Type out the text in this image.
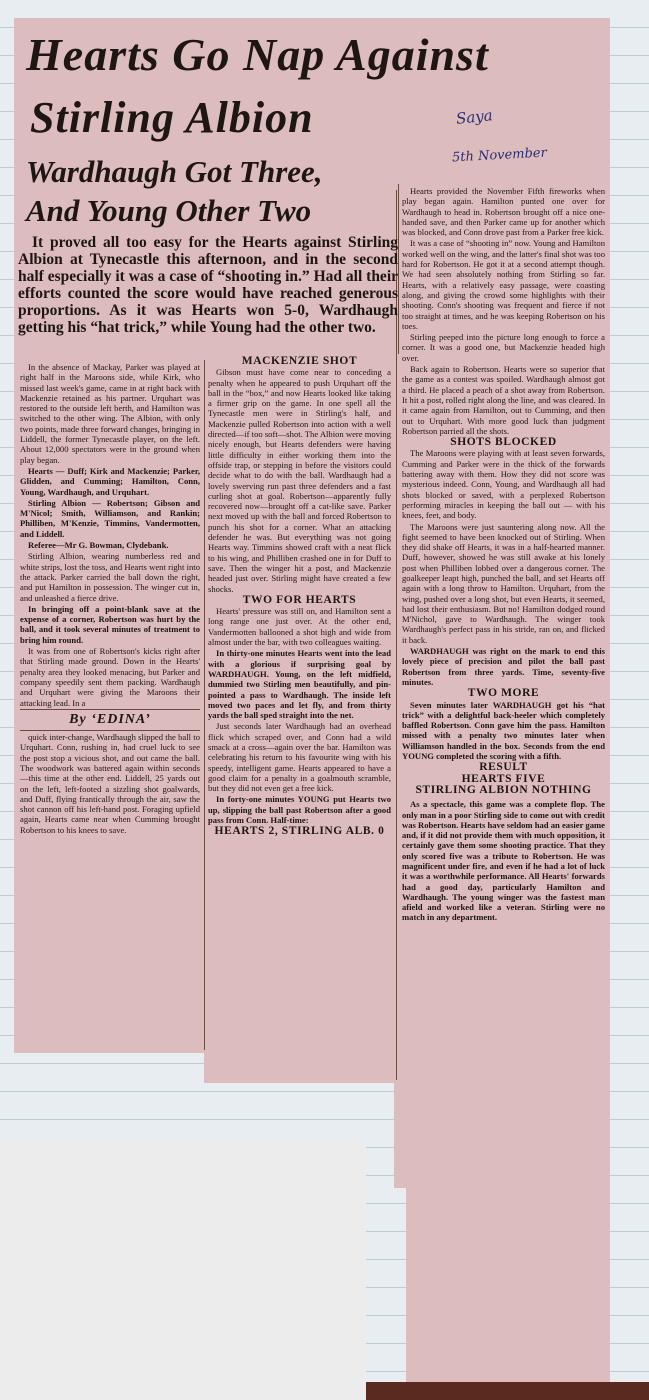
Hearts Go Nap Against
Stirling Albion
Wardhaugh Got Three,
And Young Other Two
Saya
5th November
It proved all too easy for the Hearts against Stirling Albion at Tynecastle this afternoon, and in the second half especially it was a case of “shooting in.” Had all their efforts counted the score would have reached generous proportions. As it was Hearts won 5-0, Wardhaugh getting his “hat trick,” while Young had the other two.

In the absence of Mackay, Parker was played at right half in the Maroons side, while Kirk, who missed last week's game, came in at right back with Mackenzie retained as his partner. Urquhart was restored to the outside left berth, and Hamilton was switched to the other wing. The Albion, with only two points, made three forward changes, bringing in Liddell, the former Tynecastle player, on the left. About 12,000 spectators were in the ground when play began.

Hearts — Duff; Kirk and Mackenzie; Parker, Glidden, and Cumming; Hamilton, Conn, Young, Wardhaugh, and Urquhart.

Stirling Albion — Robertson; Gibson and M'Nicol; Smith, Williamson, and Rankin; Philliben, M'Kenzie, Timmins, Vandermotten, and Liddell.

Referee—Mr G. Bowman, Clydebank.

Stirling Albion, wearing numberless red and white strips, lost the toss, and Hearts went right into the attack. Parker carried the ball down the right, and put Hamilton in possession. The winger cut in, and unleashed a fierce drive.

In bringing off a point-blank save at the expense of a corner, Robertson was hurt by the ball, and it took several minutes of treatment to bring him round.

It was from one of Robertson's kicks right after that Stirling made ground. Down in the Hearts' penalty area they looked menacing, but Parker and company speedily sent them packing. Wardhaugh and Urquhart were giving the Maroons their attacking lead. In a

By ‘EDINA’

quick inter-change, Wardhaugh slipped the ball to Urquhart. Conn, rushing in, had cruel luck to see the post stop a vicious shot, and out came the ball. The woodwork was battered again within seconds—this time at the other end. Liddell, 25 yards out on the left, left-footed a sizzling shot goalwards, and Duff, flying frantically through the air, saw the shot cannon off his left-hand post. Foraging upfield again, Hearts came near when Cumming brought Robertson to his knees to save.

MACKENZIE SHOT

Gibson must have come near to conceding a penalty when he appeared to push Urquhart off the ball in the “box,” and now Hearts looked like taking a firmer grip on the game. In one spell all the Tynecastle men were in Stirling's half, and Mackenzie pulled Robertson into action with a well directed—if too soft—shot. The Albion were moving nicely enough, but Hearts defenders were having little difficulty in either working them into the offside trap, or stepping in before the visitors could decide what to do with the ball. Wardhaugh had a lovely swerving run past three defenders and a fast curling shot at goal. Robertson—apparently fully recovered now—brought off a cat-like save. Parker next moved up with the ball and forced Robertson to punch his shot for a corner. What an attacking defender he was. But everything was not going Hearts way. Timmins showed craft with a neat flick to his wing, and Philliben crashed one in for Duff to save. Then the winger hit a post, and Mackenzie headed just over. Stirling might have created a few shocks.

TWO FOR HEARTS

Hearts' pressure was still on, and Hamilton sent a long range one just over. At the other end, Vandermotten ballooned a shot high and wide from almost under the bar, with two colleagues waiting.

In thirty-one minutes Hearts went into the lead with a glorious if surprising goal by WARDHAUGH. Young, on the left midfield, dummied two Stirling men beautifully, and pin-pointed a pass to Wardhaugh. The inside left moved two paces and let fly, and from thirty yards the ball sped straight into the net.

Just seconds later Wardhaugh had an overhead flick which scraped over, and Conn had a wild smack at a cross—again over the bar. Hamilton was celebrating his return to his favourite wing with his speedy, intelligent game. Hearts appeared to have a good claim for a penalty in a goalmouth scramble, but they did not even get a free kick.

In forty-one minutes YOUNG put Hearts two up, slipping the ball past Robertson after a good pass from Conn. Half-time:

HEARTS 2, STIRLING ALB. 0

Hearts provided the November Fifth fireworks when play began again. Hamilton punted one over for Wardhaugh to head in. Robertson brought off a nice one-handed save, and then Parker came up for another which was blocked, and Conn drove past from a Parker free kick.

It was a case of “shooting in” now. Young and Hamilton worked well on the wing, and the latter's final shot was too hard for Robertson. He got it at a second attempt though. We had seen absolutely nothing from Stirling so far. Hearts, with a relatively easy passage, were coasting along, and giving the crowd some highlights with their shooting. Conn's shooting was frequent and fierce if not too straight at times, and he was keeping Robertson on his toes.

Stirling peeped into the picture long enough to force a corner. It was a good one, but Mackenzie headed high over.

Back again to Robertson. Hearts were so superior that the game as a contest was spoiled. Wardhaugh almost got a third. He placed a peach of a shot away from Robertson. It hit a post, rolled right along the line, and was cleared. In it came again from Hamilton, out to Cumming, and then out to Urquhart. With more good luck than judgment Robertson parried all the shots.

SHOTS BLOCKED

The Maroons were playing with at least seven forwards, Cumming and Parker were in the thick of the forwards battering away with them. How they did not score was mysterious indeed. Conn, Young, and Wardhaugh all had shots blocked or saved, with a perplexed Robertson performing miracles in keeping the ball out — with his knees, feet, and body.

The Maroons were just sauntering along now. All the fight seemed to have been knocked out of Stirling. When they did shake off Hearts, it was in a half-hearted manner. Duff, however, showed he was still awake at his lonely post when Philliben lobbed over a dangerous corner. The goalkeeper leapt high, punched the ball, and set Hearts off again with a long throw to Hamilton. Urquhart, from the wing, pushed over a long shot, but even Hearts, it seemed, had lost their enthusiasm. But no! Hamilton dodged round M'Nichol, gave to Wardhaugh. The winger took Wardhaugh's perfect pass in his stride, ran on, and flicked it back.

WARDHAUGH was right on the mark to end this lovely piece of precision and pilot the ball past Robertson from three yards. Time, seventy-five minutes.

TWO MORE

Seven minutes later WARDHAUGH got his “hat trick” with a delightful back-heeler which completely baffled Robertson. Conn gave him the pass. Hamilton missed with a penalty two minutes later when Williamson handled in the box. Seconds from the end YOUNG completed the scoring with a fifth.

RESULT

HEARTS FIVE

STIRLING ALBION NOTHING

As a spectacle, this game was a complete flop. The only man in a poor Stirling side to come out with credit was Robertson. Hearts have seldom had an easier game and, if it did not provide them with much opposition, it certainly gave them some shooting practice. That they only scored five was a tribute to Robertson. He was magnificent under fire, and even if he had a lot of luck it was a worthwhile performance. All Hearts' forwards had a good day, particularly Hamilton and Wardhaugh. The young winger was the fastest man afield and worked like a veteran. Stirling were no match in any department.
